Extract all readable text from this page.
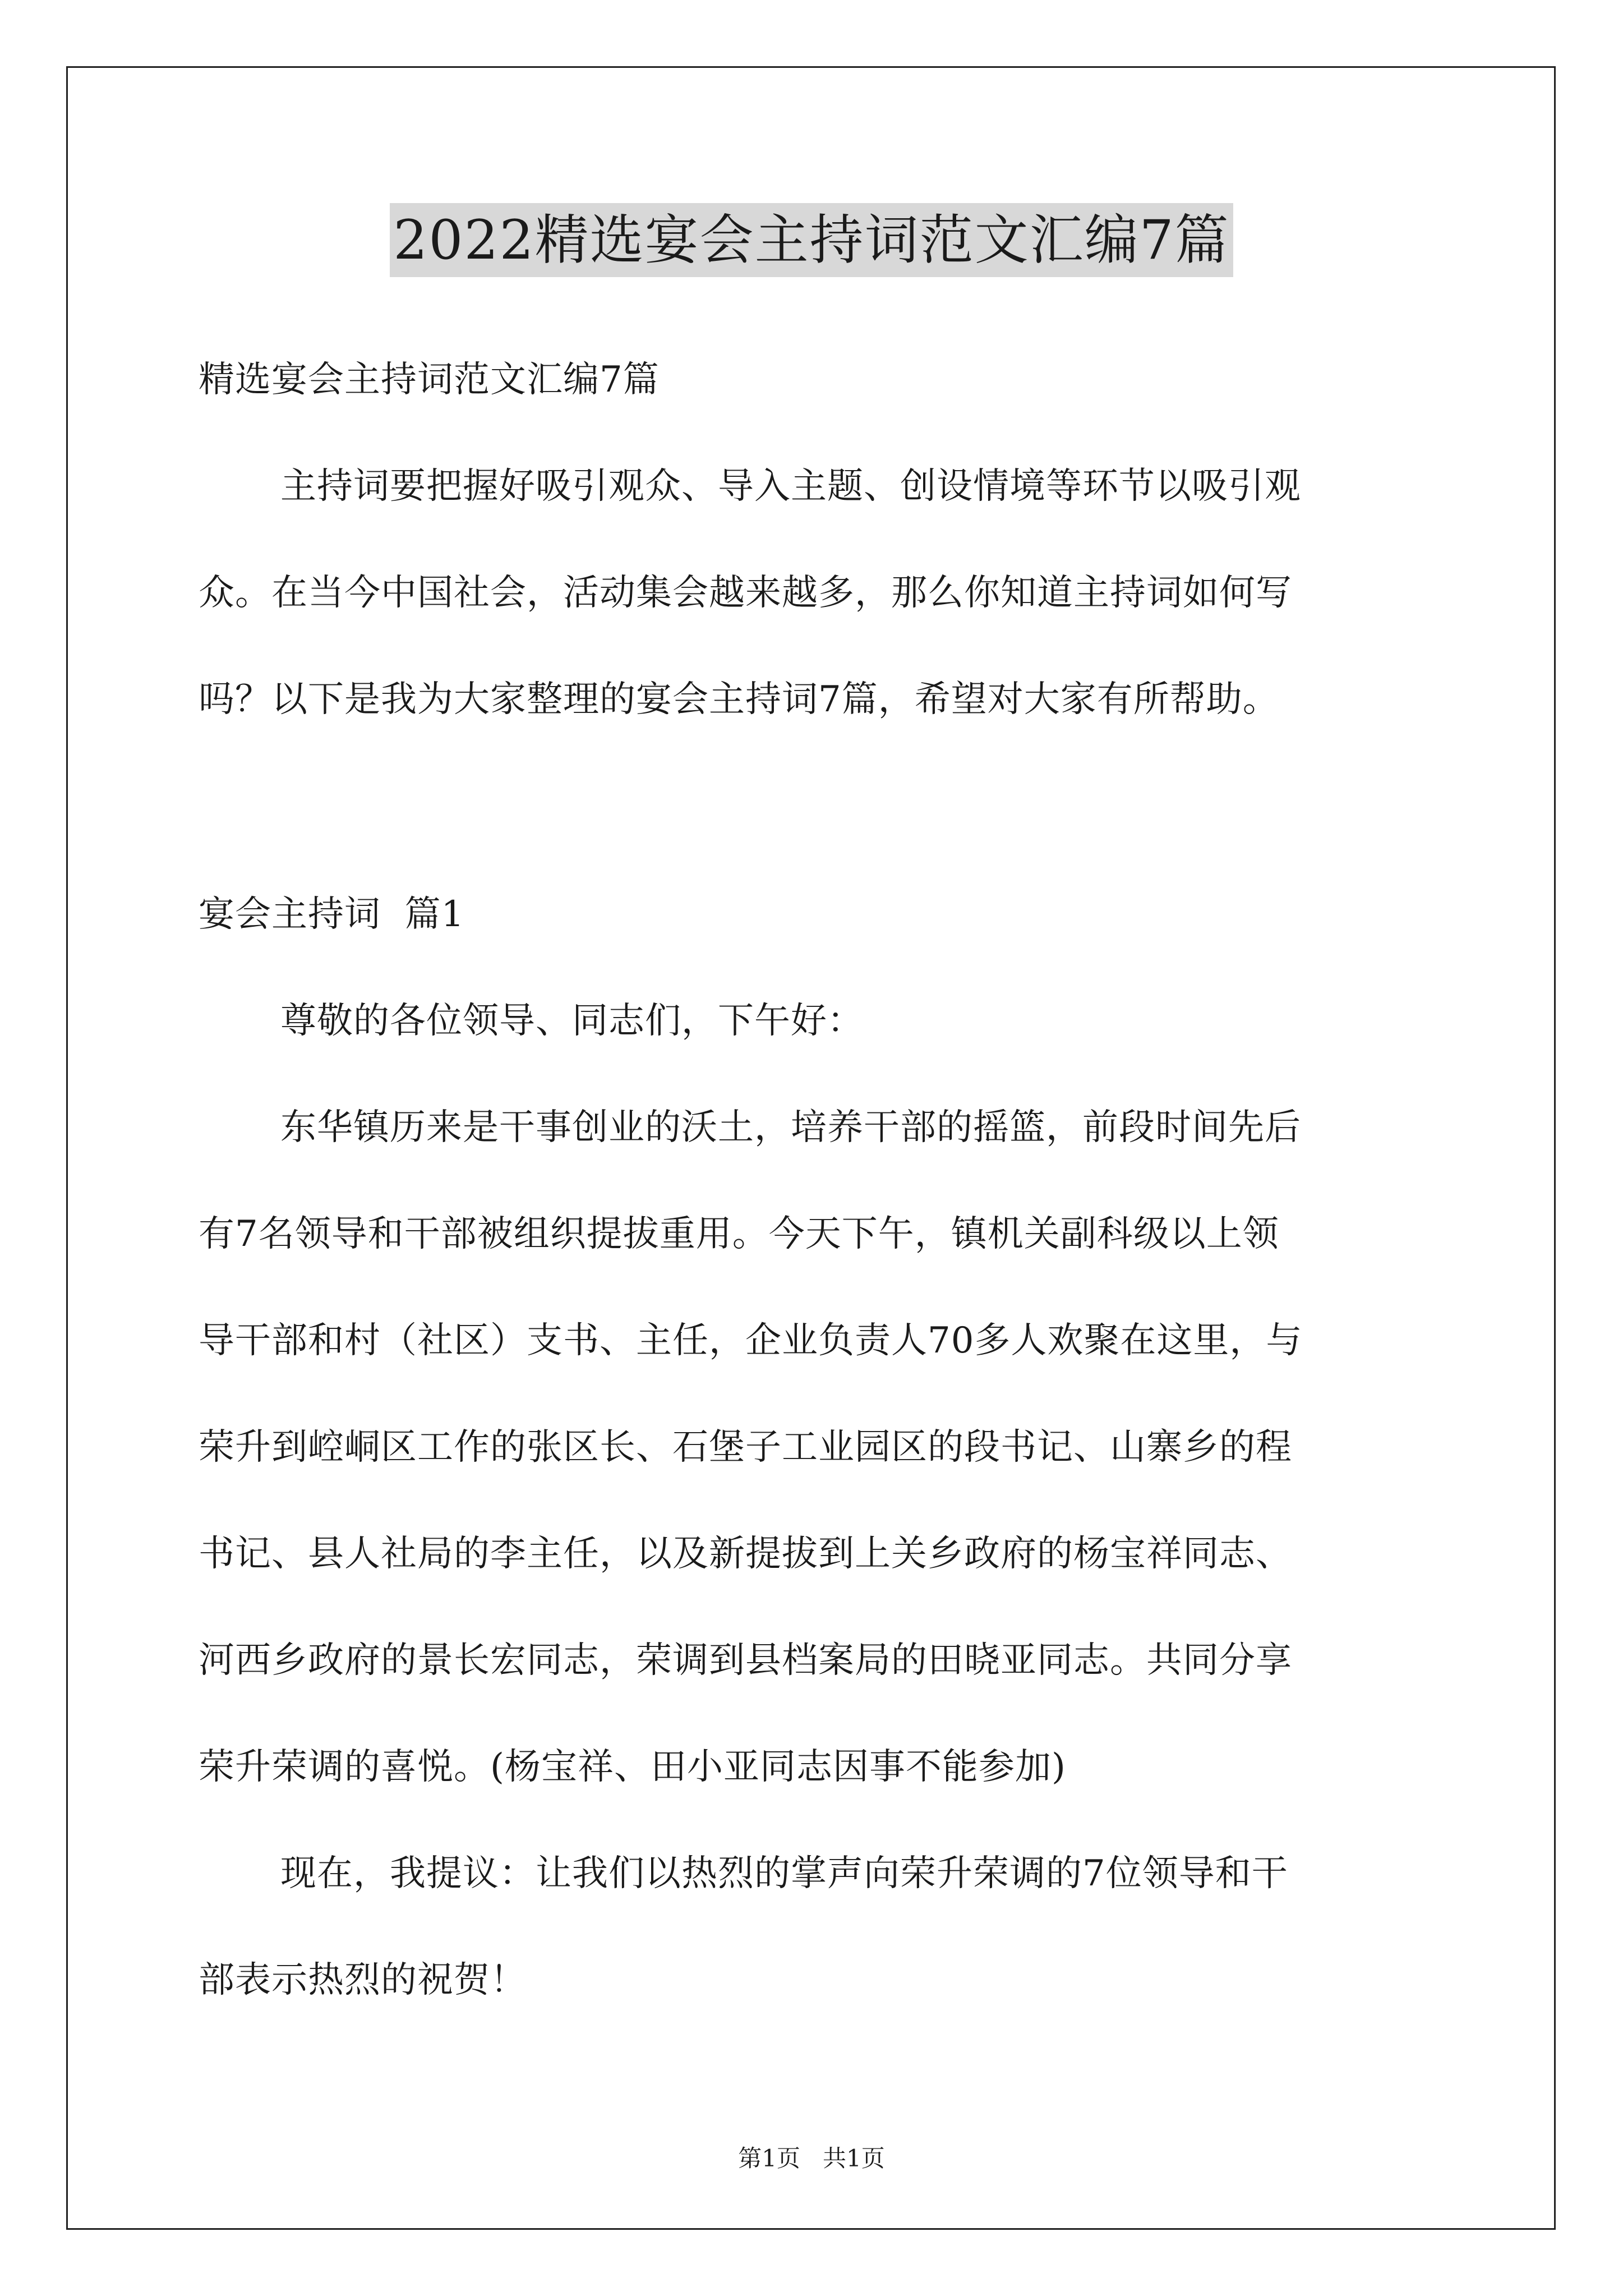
2022精选宴会主持词范文汇编7篇

精选宴会主持词范文汇编7篇

主持词要把握好吸引观众、导入主题、创设情境等环节以吸引观

众。在当今中国社会，活动集会越来越多，那么你知道主持词如何写

吗？以下是我为大家整理的宴会主持词7篇，希望对大家有所帮助。

宴会主持词  篇1

尊敬的各位领导、同志们，下午好：

东华镇历来是干事创业的沃土，培养干部的摇篮，前段时间先后

有7名领导和干部被组织提拔重用。今天下午，镇机关副科级以上领

导干部和村（社区）支书、主任，企业负责人70多人欢聚在这里，与

荣升到崆峒区工作的张区长、石堡子工业园区的段书记、山寨乡的程

书记、县人社局的李主任，以及新提拔到上关乡政府的杨宝祥同志、

河西乡政府的景长宏同志，荣调到县档案局的田晓亚同志。共同分享

荣升荣调的喜悦。(杨宝祥、田小亚同志因事不能参加)

现在，我提议：让我们以热烈的掌声向荣升荣调的7位领导和干

部表示热烈的祝贺！

第1页   共1页
